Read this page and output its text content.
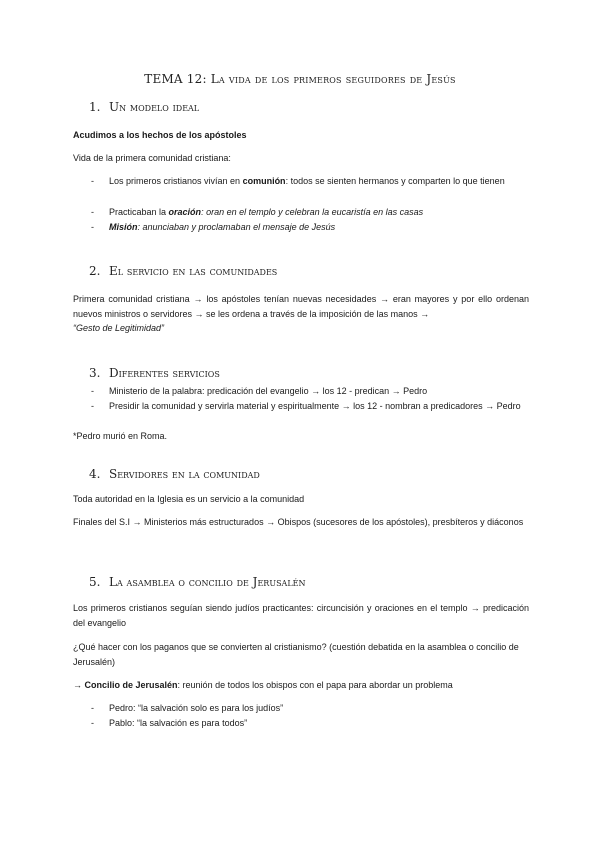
TEMA 12: La vida de los primeros seguidores de Jesús
1. Un modelo ideal
Acudimos a los hechos de los apóstoles
Vida de la primera comunidad cristiana:
- Los primeros cristianos vivían en comunión: todos se sienten hermanos y comparten lo que tienen
- Practicaban la oración: oran en el templo y celebran la eucaristía en las casas
- Misión: anunciaban y proclamaban el mensaje de Jesús
2. El servicio en las comunidades
Primera comunidad cristiana → los apóstoles tenían nuevas necesidades → eran mayores y por ello ordenan nuevos ministros o servidores → se les ordena a través de la imposición de las manos →
“Gesto de Legitimidad”
3. Diferentes servicios
- Ministerio de la palabra: predicación del evangelio → los 12 - predican → Pedro
- Presidir la comunidad y servirla material y espiritualmente → los 12 - nombran a predicadores → Pedro
*Pedro murió en Roma.
4. Servidores en la comunidad
Toda autoridad en la Iglesia es un servicio a la comunidad
Finales del S.I → Ministerios más estructurados → Obispos (sucesores de los apóstoles), presbíteros y diáconos
5. La asamblea o concilio de Jerusalén
Los primeros cristianos seguían siendo judíos practicantes: circuncisión y oraciones en el templo → predicación del evangelio
¿Qué hacer con los paganos que se convierten al cristianismo? (cuestión debatida en la asamblea o concilio de Jerusalén)
→ Concilio de Jerusalén: reunión de todos los obispos con el papa para abordar un problema
- Pedro: “la salvación solo es para los judíos”
- Pablo: “la salvación es para todos”
